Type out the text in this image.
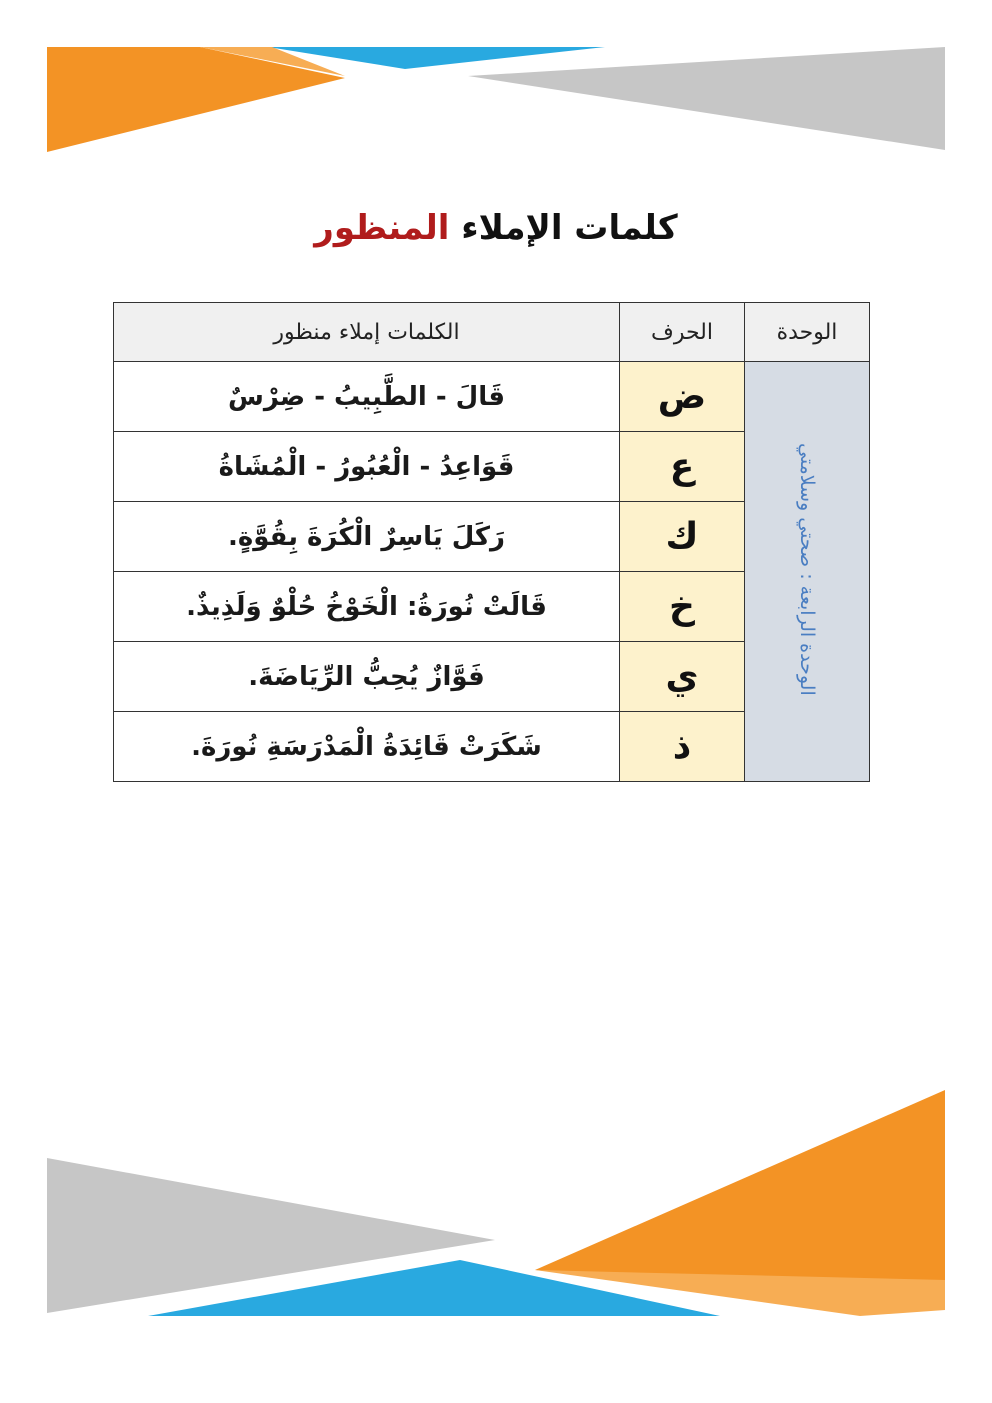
كلمات الإملاء المنظور
الوحدة	الحرف	الكلمات إملاء منظور
الوحدة الرابعة : صحتي وسلامتي	ض	قَالَ - الطَّبِيبُ - ضِرْسٌ
	ع	قَوَاعِدُ - الْعُبُورُ - الْمُشَاةُ
	ك	رَكَلَ يَاسِرٌ الْكُرَةَ بِقُوَّةٍ.
	خ	قَالَتْ نُورَةُ: الْخَوْخُ حُلْوٌ وَلَذِيذٌ.
	ي	فَوَّازٌ يُحِبُّ الرِّيَاضَةَ.
	ذ	شَكَرَتْ قَائِدَةُ الْمَدْرَسَةِ نُورَةَ.
